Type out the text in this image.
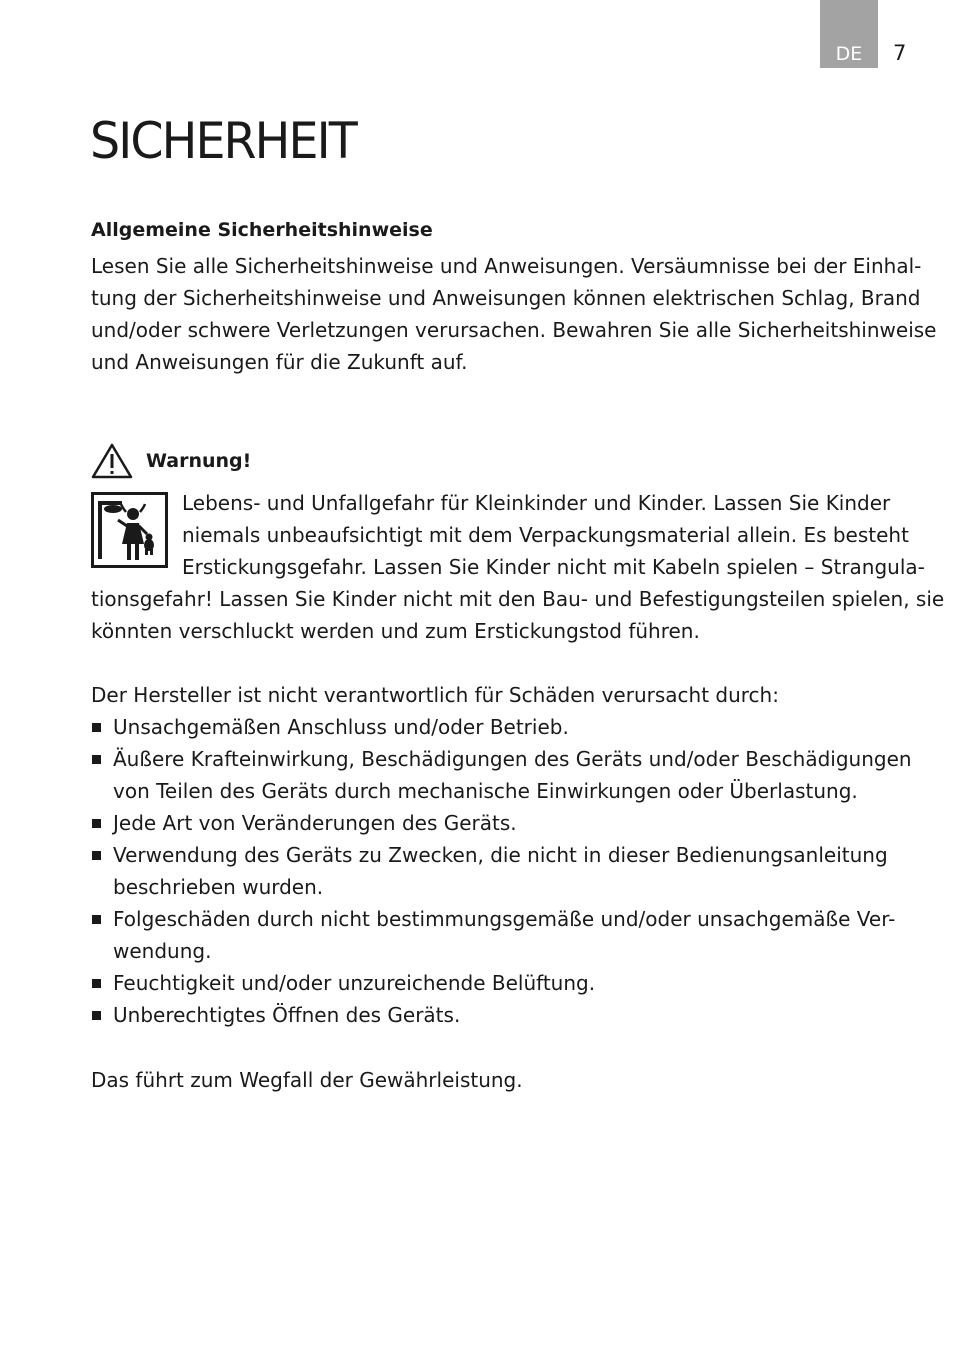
DE 7
SICHERHEIT
Allgemeine Sicherheitshinweise
Lesen Sie alle Sicherheitshinweise und Anweisungen. Versäumnisse bei der Einhal-
tung der Sicherheitshinweise und Anweisungen können elektrischen Schlag, Brand
und/oder schwere Verletzungen verursachen. Bewahren Sie alle Sicherheitshinweise
und Anweisungen für die Zukunft auf.
Warnung!
Lebens- und Unfallgefahr für Kleinkinder und Kinder. Lassen Sie Kinder
niemals unbeaufsichtigt mit dem Verpackungsmaterial allein. Es besteht
Erstickungsgefahr. Lassen Sie Kinder nicht mit Kabeln spielen – Strangula-
tionsgefahr! Lassen Sie Kinder nicht mit den Bau- und Befestigungsteilen spielen, sie
könnten verschluckt werden und zum Erstickungstod führen.
Der Hersteller ist nicht verantwortlich für Schäden verursacht durch:
Unsachgemäßen Anschluss und/oder Betrieb.
Äußere Krafteinwirkung, Beschädigungen des Geräts und/oder Beschädigungen
von Teilen des Geräts durch mechanische Einwirkungen oder Überlastung.
Jede Art von Veränderungen des Geräts.
Verwendung des Geräts zu Zwecken, die nicht in dieser Bedienungsanleitung
beschrieben wurden.
Folgeschäden durch nicht bestimmungsgemäße und/oder unsachgemäße Ver-
wendung.
Feuchtigkeit und/oder unzureichende Belüftung.
Unberechtigtes Öffnen des Geräts.
Das führt zum Wegfall der Gewährleistung.
